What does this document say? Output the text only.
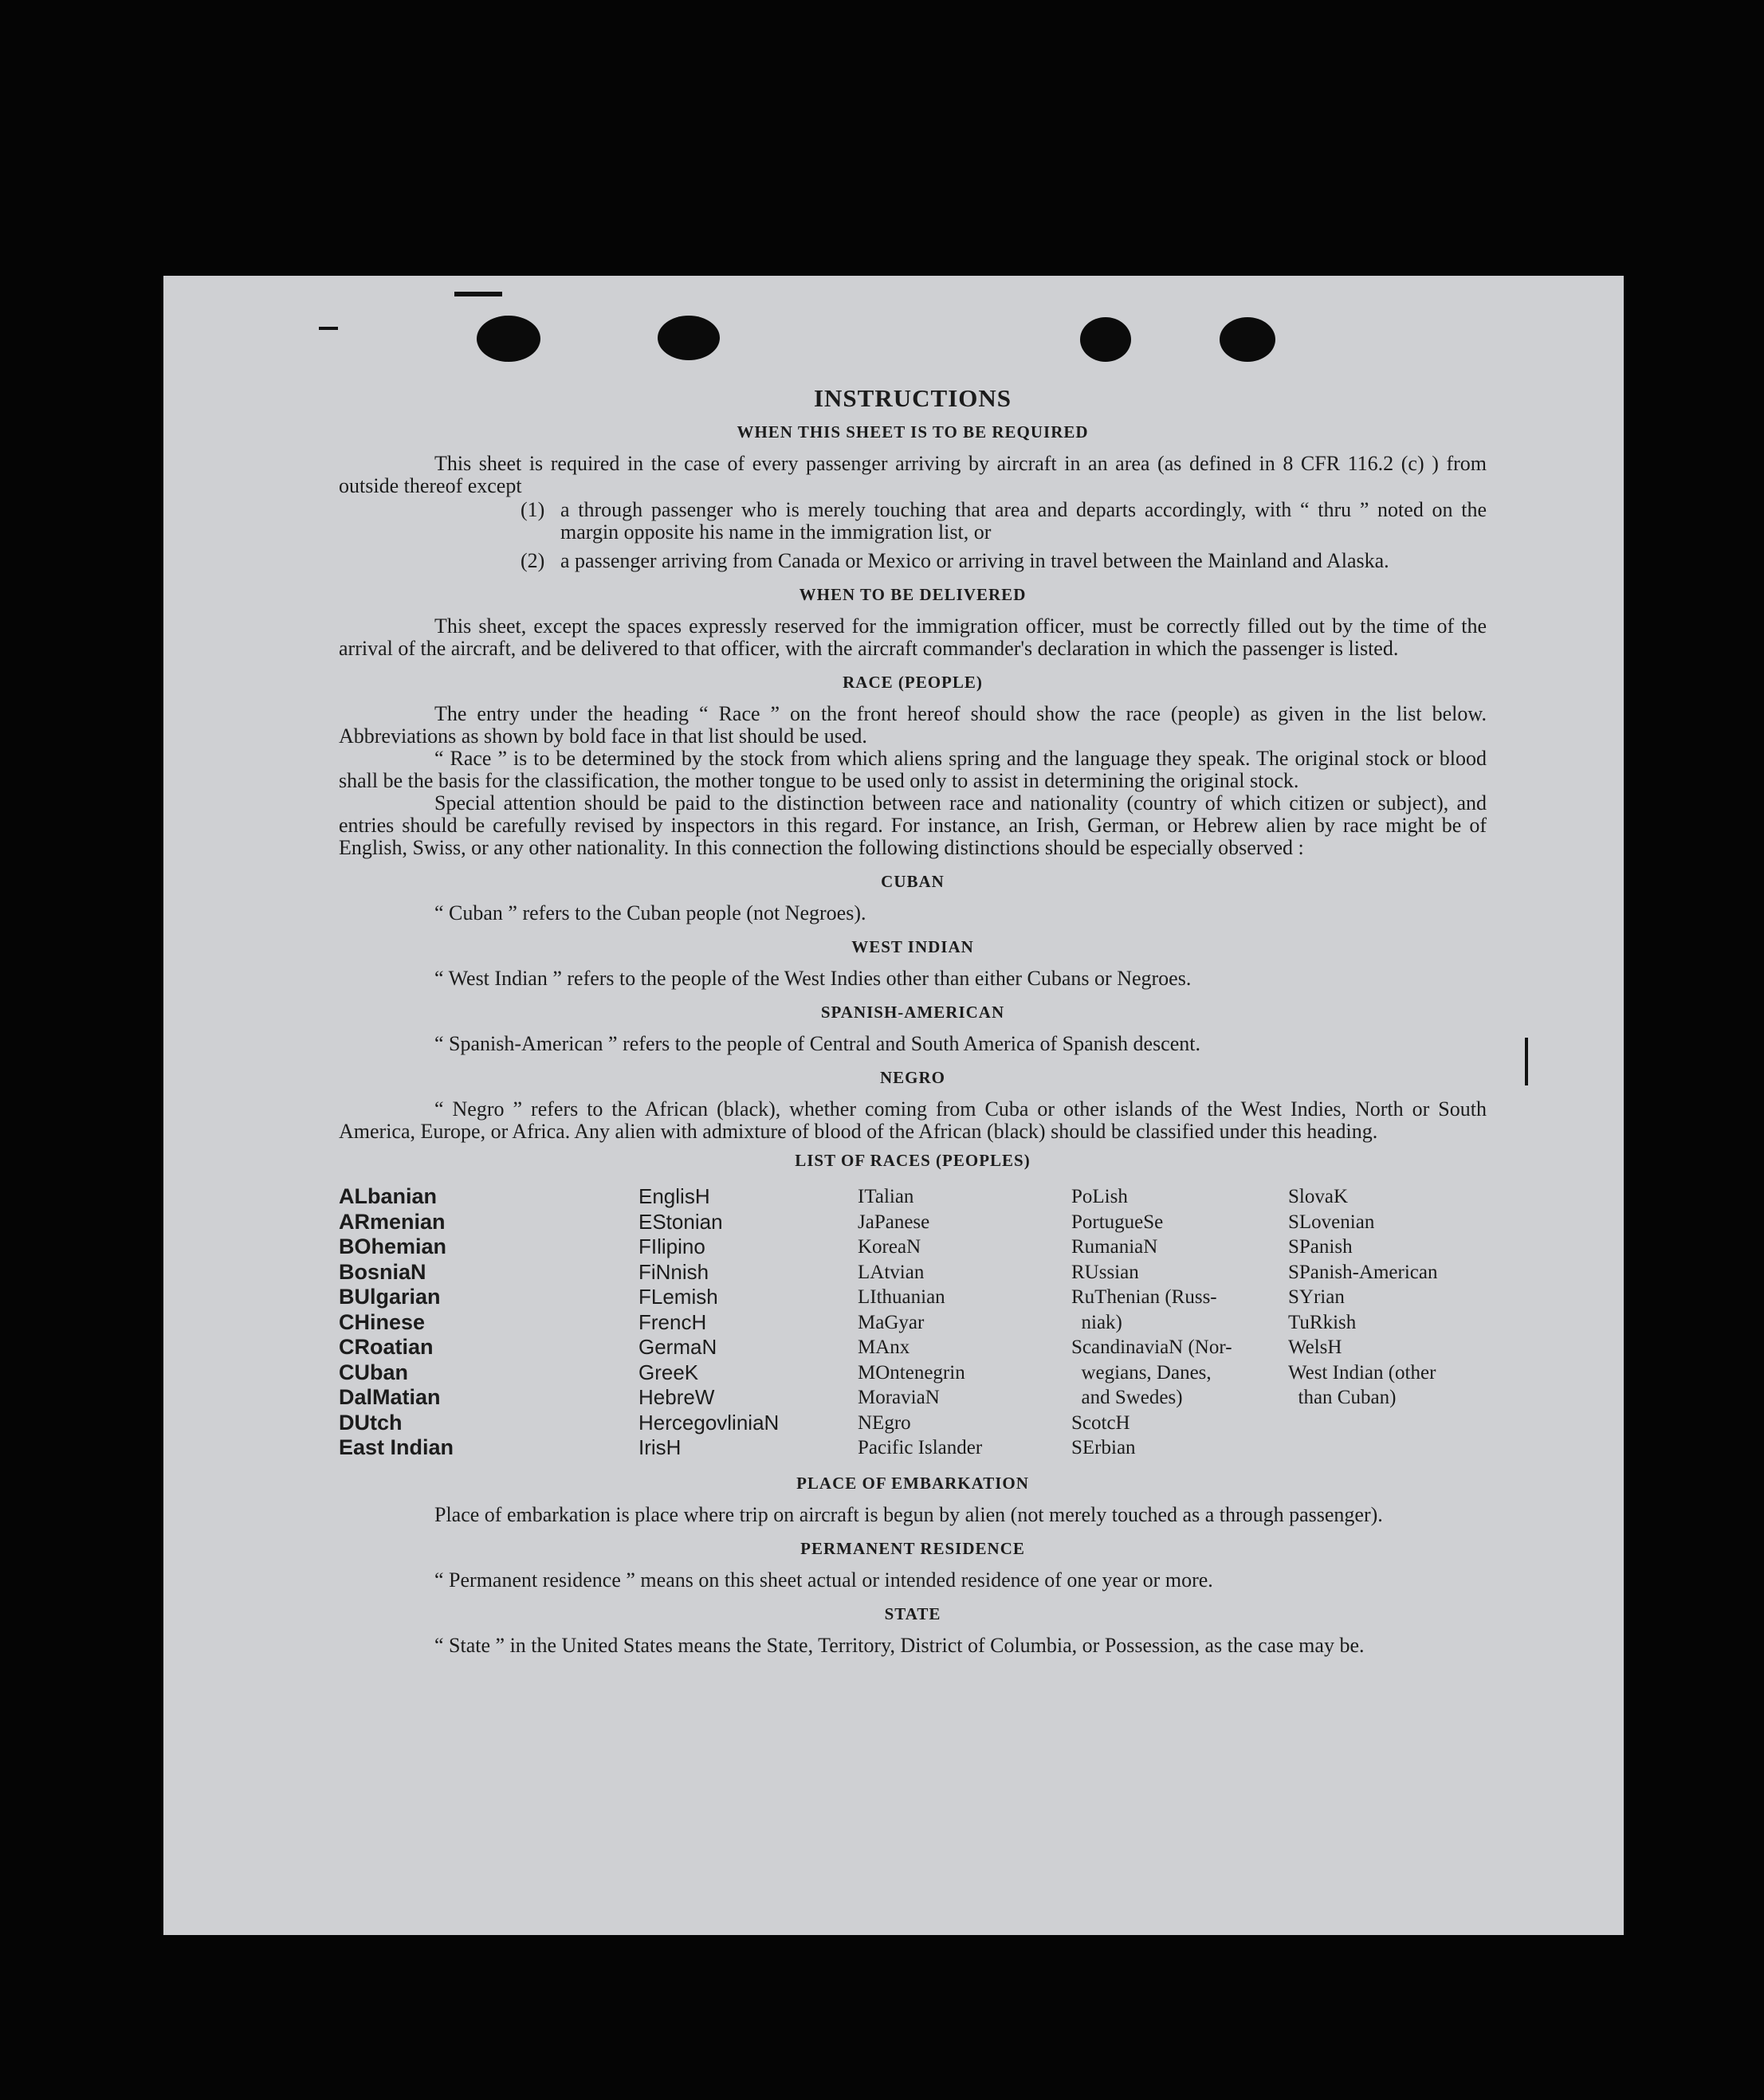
INSTRUCTIONS
WHEN THIS SHEET IS TO BE REQUIRED

This sheet is required in the case of every passenger arriving by aircraft in an area (as defined in 8 CFR 116.2 (c) ) from outside thereof except

(1) a through passenger who is merely touching that area and departs accordingly, with “ thru ” noted on the margin opposite his name in the immigration list, or
(2) a passenger arriving from Canada or Mexico or arriving in travel between the Mainland and Alaska.
WHEN TO BE DELIVERED

This sheet, except the spaces expressly reserved for the immigration officer, must be correctly filled out by the time of the arrival of the aircraft, and be delivered to that officer, with the aircraft commander's declaration in which the passenger is listed.

RACE (PEOPLE)

The entry under the heading “ Race ” on the front hereof should show the race (people) as given in the list below. Abbreviations as shown by bold face in that list should be used.

“ Race ” is to be determined by the stock from which aliens spring and the language they speak. The original stock or blood shall be the basis for the classification, the mother tongue to be used only to assist in determining the original stock.

Special attention should be paid to the distinction between race and nationality (country of which citizen or subject), and entries should be carefully revised by inspectors in this regard. For instance, an Irish, German, or Hebrew alien by race might be of English, Swiss, or any other nationality. In this connection the following distinctions should be especially observed :

CUBAN

“ Cuban ” refers to the Cuban people (not Negroes).

WEST INDIAN

“ West Indian ” refers to the people of the West Indies other than either Cubans or Negroes.

SPANISH-AMERICAN

“ Spanish-American ” refers to the people of Central and South America of Spanish descent.

NEGRO

“ Negro ” refers to the African (black), whether coming from Cuba or other islands of the West Indies, North or South America, Europe, or Africa. Any alien with admixture of blood of the African (black) should be classified under this heading.

LIST OF RACES (PEOPLES)
ALbanian
ARmenian
BOhemian
BosniaN
BUlgarian
CHinese
CRoatian
CUban
DalMatian
DUtch
East Indian
EnglisH
EStonian
FIlipino
FiNnish
FLemish
FrencH
GermaN
GreeK
HebreW
HercegovliniaN
IrisH
ITalian
JaPanese
KoreaN
LAtvian
LIthuanian
MaGyar
MAnx
MOntenegrin
MoraviaN
NEgro
Pacific Islander
PoLish
PortugueSe
RumaniaN
RUssian
RuThenian (Russ-
niak)
ScandinaviaN (Nor-
wegians, Danes,
and Swedes)
ScotcH
SErbian
SlovaK
SLovenian
SPanish
SPanish-American
SYrian
TuRkish
WelsH
West Indian (other
than Cuban)
PLACE OF EMBARKATION

Place of embarkation is place where trip on aircraft is begun by alien (not merely touched as a through passenger).

PERMANENT RESIDENCE

“ Permanent residence ” means on this sheet actual or intended residence of one year or more.

STATE

“ State ” in the United States means the State, Territory, District of Columbia, or Possession, as the case may be.
